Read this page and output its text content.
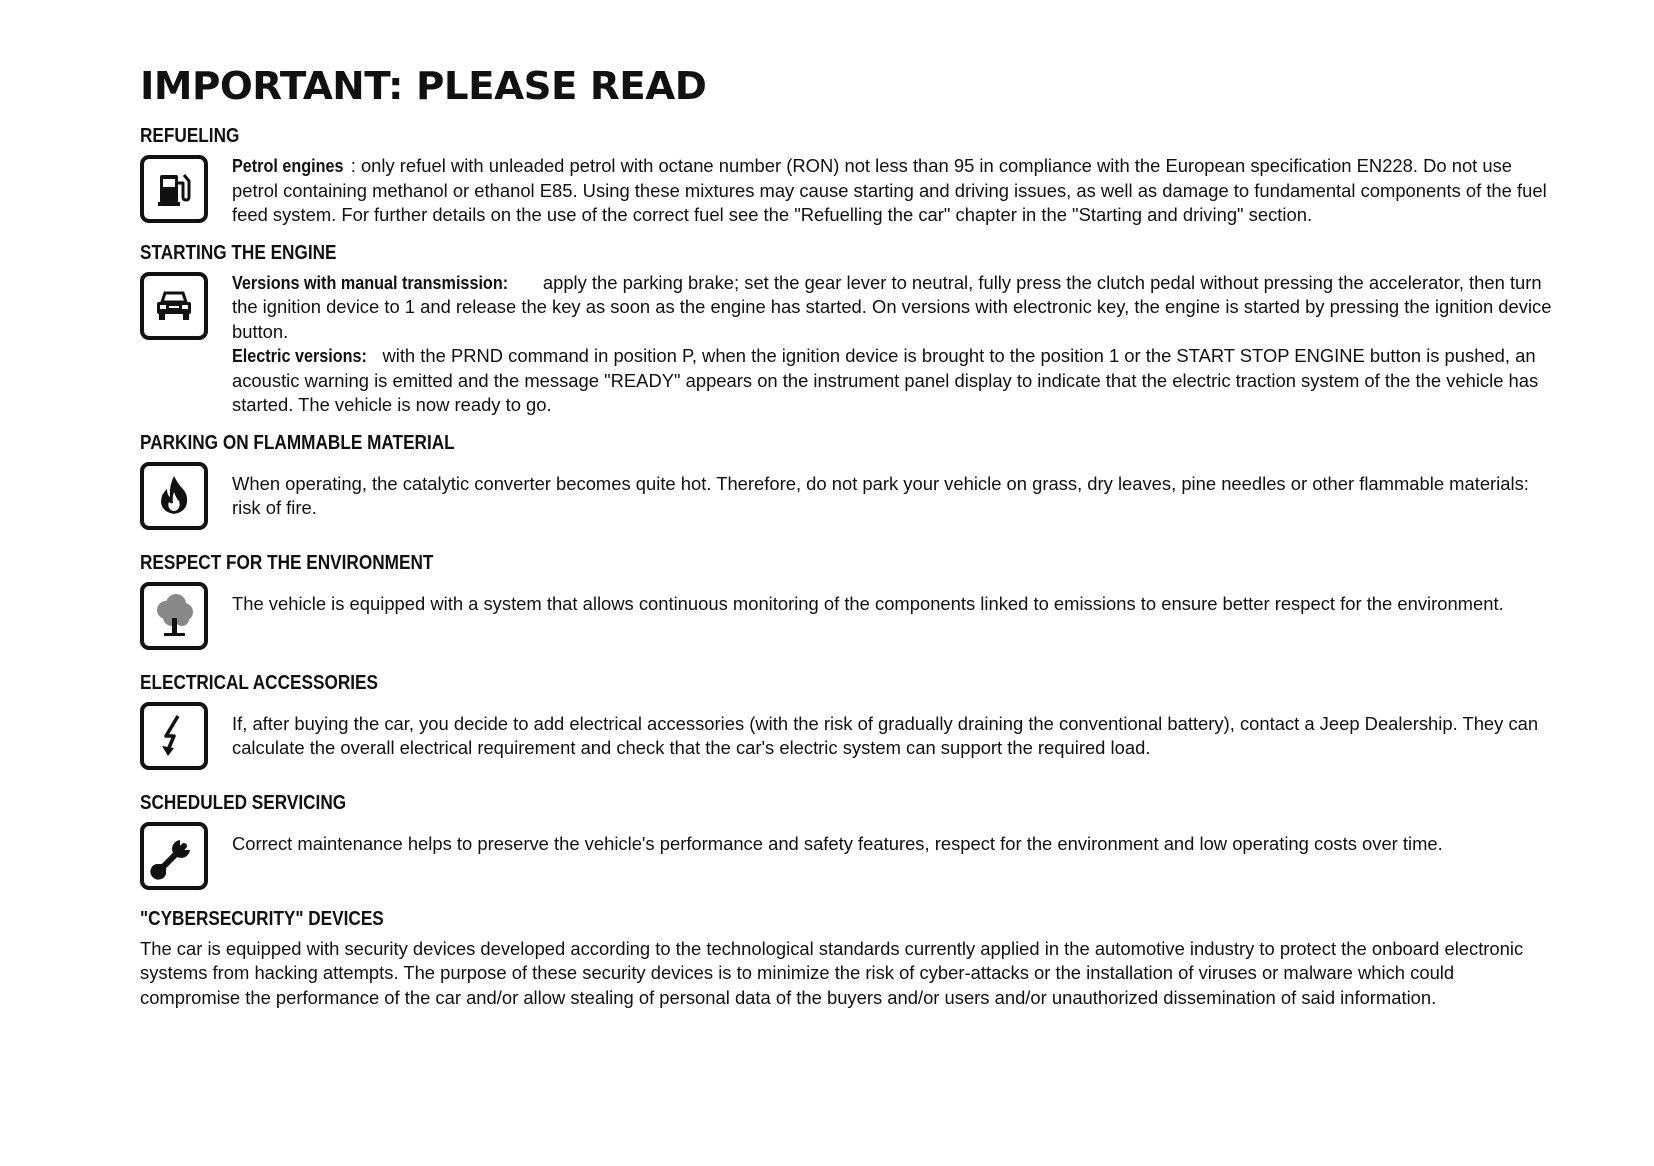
IMPORTANT: PLEASE READ
REFUELING

Petrol engines : only refuel with unleaded petrol with octane number (RON) not less than 95 in compliance with the European specification EN228. Do not use petrol containing methanol or ethanol E85. Using these mixtures may cause starting and driving issues, as well as damage to fundamental components of the fuel feed system. For further details on the use of the correct fuel see the "Refuelling the car" chapter in the "Starting and driving" section.

STARTING THE ENGINE

Versions with manual transmission: apply the parking brake; set the gear lever to neutral, fully press the clutch pedal without pressing the accelerator, then turn the ignition device to 1 and release the key as soon as the engine has started. On versions with electronic key, the engine is started by pressing the ignition device button.

Electric versions: with the PRND command in position P, when the ignition device is brought to the position 1 or the START STOP ENGINE button is pushed, an acoustic warning is emitted and the message "READY" appears on the instrument panel display to indicate that the electric traction system of the the vehicle has started. The vehicle is now ready to go.

PARKING ON FLAMMABLE MATERIAL
When operating, the catalytic converter becomes quite hot. Therefore, do not park your vehicle on grass, dry leaves, pine needles or other flammable materials: risk of fire.
RESPECT FOR THE ENVIRONMENT
The vehicle is equipped with a system that allows continuous monitoring of the components linked to emissions to ensure better respect for the environment.
ELECTRICAL ACCESSORIES
If, after buying the car, you decide to add electrical accessories (with the risk of gradually draining the conventional battery), contact a Jeep Dealership. They can calculate the overall electrical requirement and check that the car's electric system can support the required load.
SCHEDULED SERVICING
Correct maintenance helps to preserve the vehicle's performance and safety features, respect for the environment and low operating costs over time.
"CYBERSECURITY" DEVICES
The car is equipped with security devices developed according to the technological standards currently applied in the automotive industry to protect the onboard electronic systems from hacking attempts. The purpose of these security devices is to minimize the risk of cyber-attacks or the installation of viruses or malware which could compromise the performance of the car and/or allow stealing of personal data of the buyers and/or users and/or unauthorized dissemination of said information.
